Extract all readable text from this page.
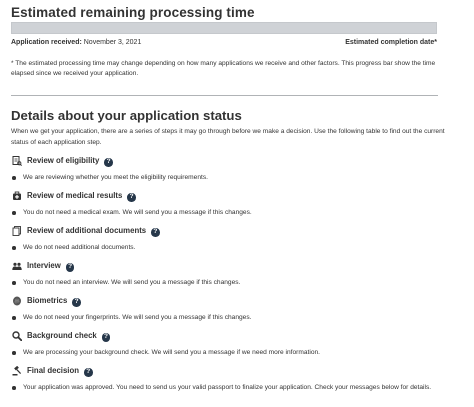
Estimated remaining processing time
Application received: November 3, 2021	Estimated completion date*
* The estimated processing time may change depending on how many applications we receive and other factors. This progress bar show the time elapsed since we received your application.
Details about your application status
When we get your application, there are a series of steps it may go through before we make a decision. Use the following table to find out the current status of each application step.
Review of eligibility ?
We are reviewing whether you meet the eligibility requirements.
Review of medical results ?
You do not need a medical exam. We will send you a message if this changes.
Review of additional documents ?
We do not need additional documents.
Interview ?
You do not need an interview. We will send you a message if this changes.
Biometrics ?
We do not need your fingerprints. We will send you a message if this changes.
Background check ?
We are processing your background check. We will send you a message if we need more information.
Final decision ?
Your application was approved. You need to send us your valid passport to finalize your application. Check your messages below for details.
